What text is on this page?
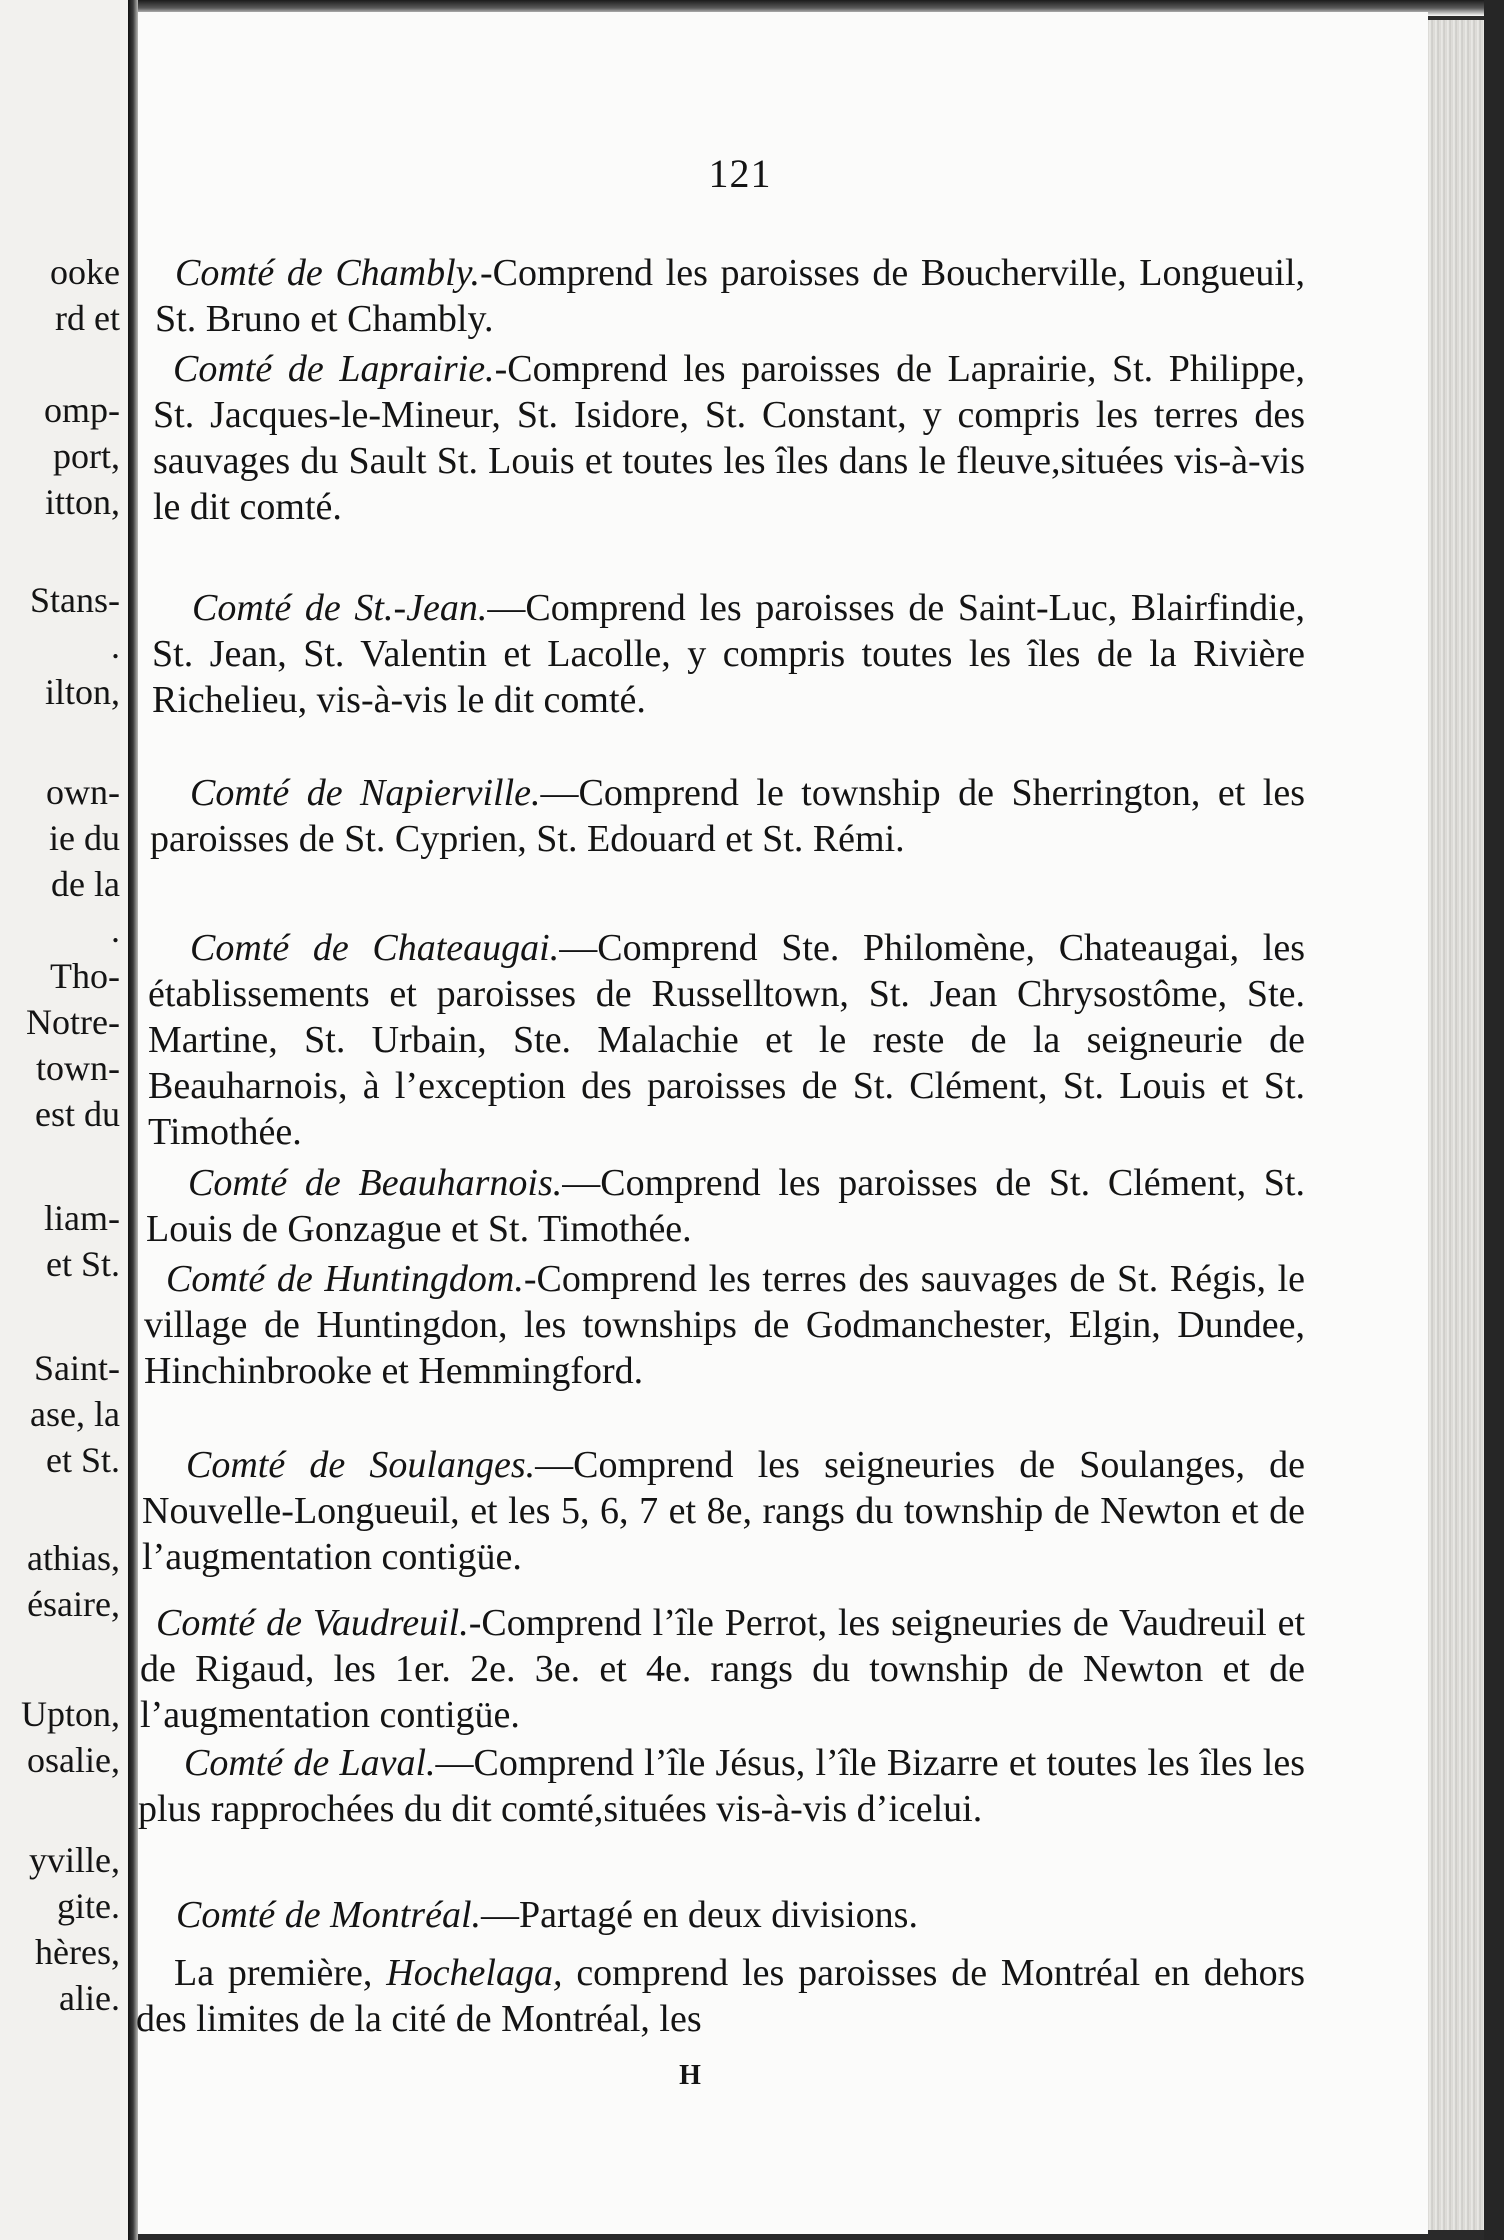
ooke
rd et
omp-
port,
itton,
Stans-
.
ilton,
own-
ie du
de la
.
Tho-
Notre-
town-
est du
liam-
et St.
Saint-
ase, la
et St.
athias,
ésaire,
Upton,
osalie,
yville,
gite.
hères,
alie.
121

Comté de Chambly.-Comprend les paroisses de Boucherville, Longueuil, St. Bruno et Chambly.

Comté de Laprairie.-Comprend les paroisses de Laprairie, St. Philippe, St. Jacques-le-Mineur, St. Isidore, St. Constant, y compris les terres des sauvages du Sault St. Louis et toutes les îles dans le fleuve,situées vis-à-vis le dit comté.

Comté de St.-Jean.—Comprend les paroisses de Saint-Luc, Blairfindie, St. Jean, St. Valentin et Lacolle, y compris toutes les îles de la Rivière Richelieu, vis-à-vis le dit comté.

Comté de Napierville.—Comprend le township de Sherrington, et les paroisses de St. Cyprien, St. Edouard et St. Rémi.

Comté de Chateaugai.—Comprend Ste. Philomène, Chateaugai, les établissements et paroisses de Russelltown, St. Jean Chrysostôme, Ste. Martine, St. Urbain, Ste. Malachie et le reste de la seigneurie de Beauharnois, à l’exception des paroisses de St. Clément, St. Louis et St. Timothée.

Comté de Beauharnois.—Comprend les paroisses de St. Clément, St. Louis de Gonzague et St. Timothée.

Comté de Huntingdom.-Comprend les terres des sauvages de St. Régis, le village de Huntingdon, les townships de Godmanchester, Elgin, Dundee, Hinchinbrooke et Hemmingford.

Comté de Soulanges.—Comprend les seigneuries de Soulanges, de Nouvelle-Longueuil, et les 5, 6, 7 et 8e, rangs du township de Newton et de l’augmentation contigüe.

Comté de Vaudreuil.-Comprend l’île Perrot, les seigneuries de Vaudreuil et de Rigaud, les 1er. 2e. 3e. et 4e. rangs du township de Newton et de l’augmentation contigüe.

Comté de Laval.—Comprend l’île Jésus, l’île Bizarre et toutes les îles les plus rapprochées du dit comté,situées vis-à-vis d’icelui.

Comté de Montréal.—Partagé en deux divisions.

La première, Hochelaga, comprend les paroisses de Montréal en dehors des limites de la cité de Montréal, les

H
